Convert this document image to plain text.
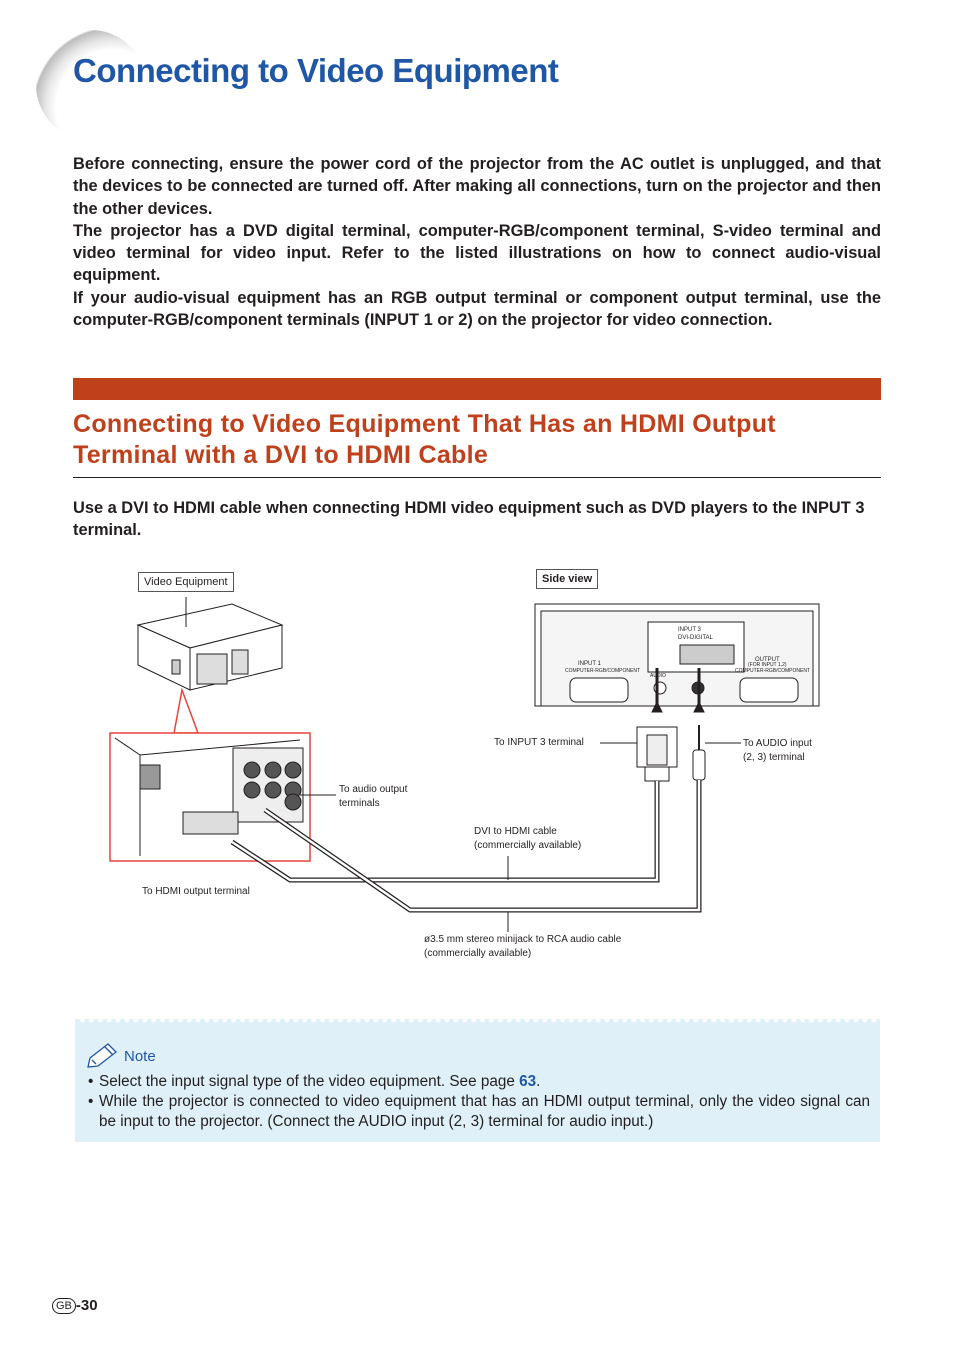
Connecting to Video Equipment

Before connecting, ensure the power cord of the projector from the AC outlet is unplugged, and that the devices to be connected are turned off. After making all connections, turn on the projector and then the other devices.

The projector has a DVD digital terminal, computer-RGB/component terminal, S-video terminal and video terminal for video input. Refer to the listed illustrations on how to connect audio-visual equipment.

If your audio-visual equipment has an RGB output terminal or component output terminal, use the computer-RGB/component terminals (INPUT 1 or 2) on the projector for video connection.

Connecting to Video Equipment That Has an HDMI Output Terminal with a DVI to HDMI Cable

Use a DVI to HDMI cable when connecting HDMI video equipment such as DVD players to the INPUT 3 terminal.

Video Equipment	Side view
INPUT 3
DVI-DIGITAL
INPUT 1
COMPUTER-RGB/COMPONENT
OUTPUT
(FOR INPUT 1,2)
COMPUTER-RGB/COMPONENT
AUDIO
To INPUT 3 terminal	To AUDIO input
(2, 3) terminal
To audio output
terminals
DVI to HDMI cable
(commercially available)
To HDMI output terminal
ø3.5 mm stereo minijack to RCA audio cable
(commercially available)
Note
• Select the input signal type of the video equipment. See page 63.
• While the projector is connected to video equipment that has an HDMI output terminal, only the video signal can be input to the projector. (Connect the AUDIO input (2, 3) terminal for audio input.)
GB -30
